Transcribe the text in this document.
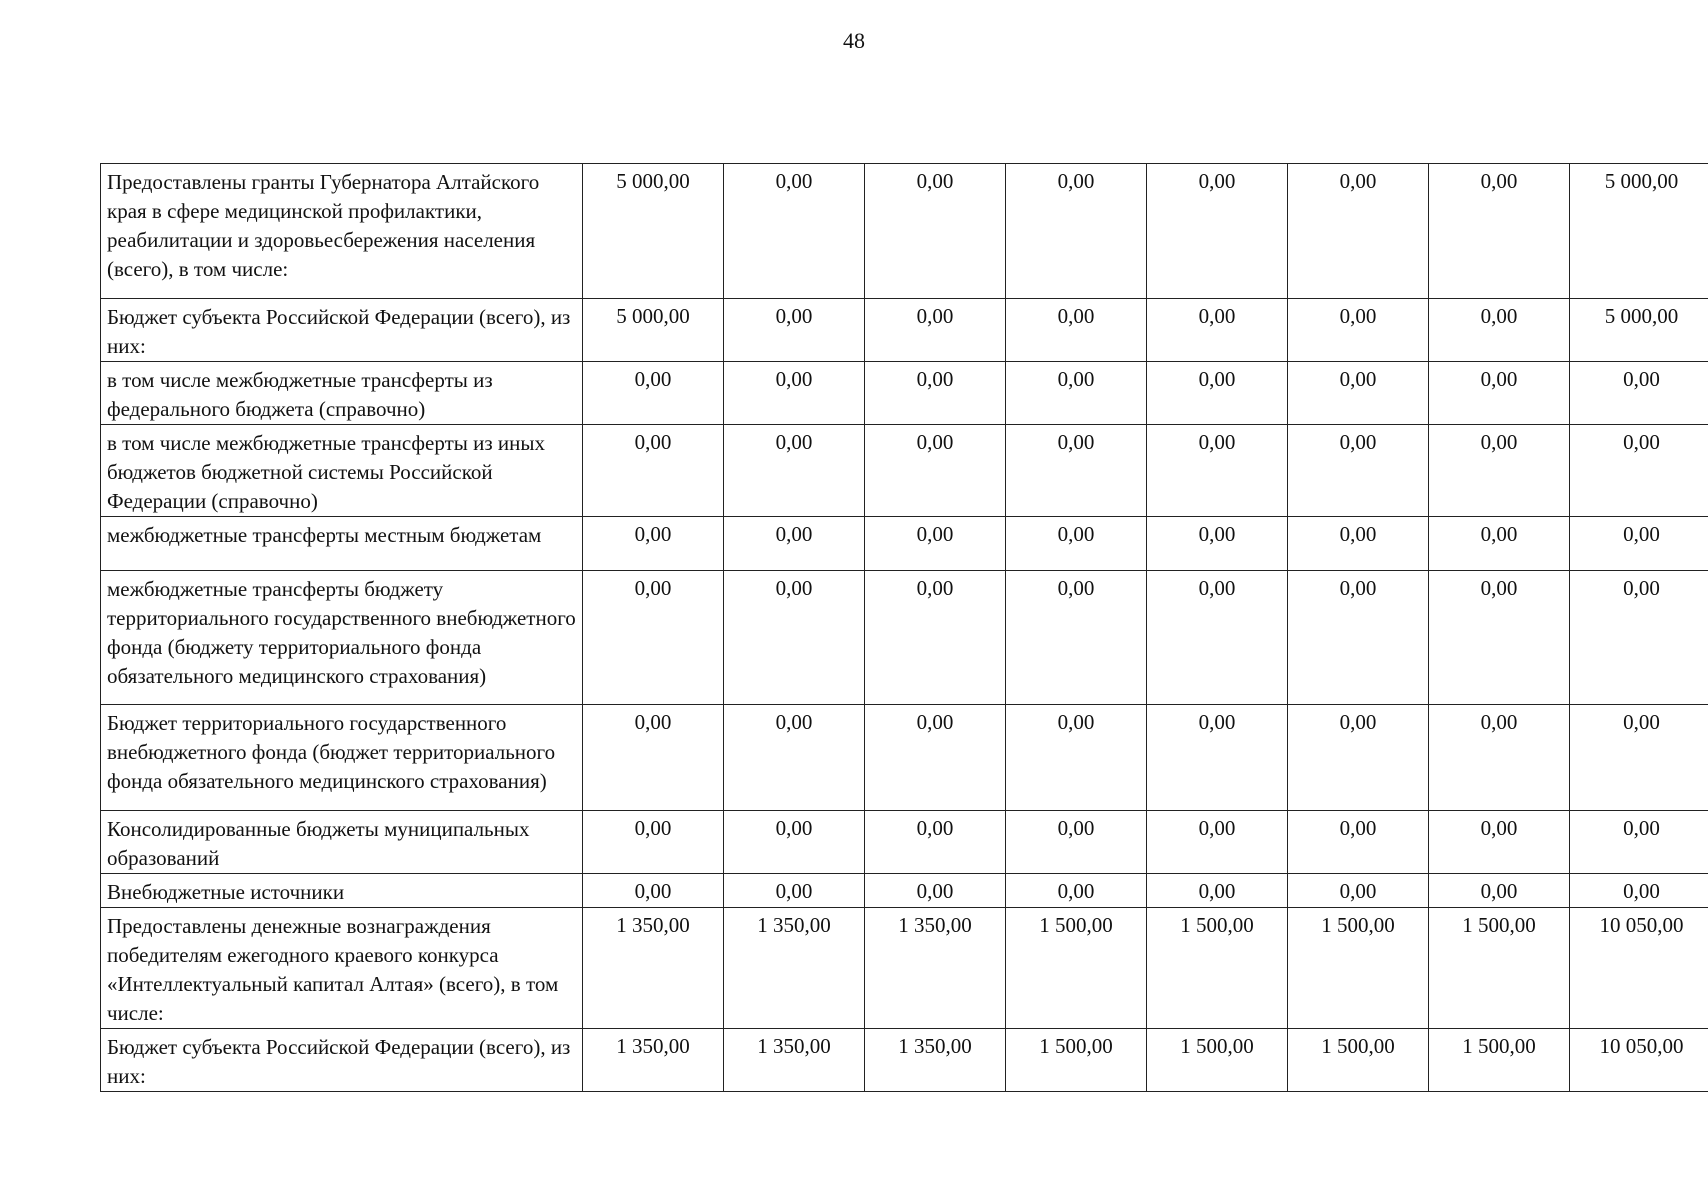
48
Предоставлены гранты Губернатора Алтайского края в сфере медицинской профилактики, реабилитации и здоровьесбережения населения (всего), в том числе:	5 000,00	0,00	0,00	0,00	0,00	0,00	0,00	5 000,00
Бюджет субъекта Российской Федерации (всего), из них:	5 000,00	0,00	0,00	0,00	0,00	0,00	0,00	5 000,00
в том числе межбюджетные трансферты из федерального бюджета (справочно)	0,00	0,00	0,00	0,00	0,00	0,00	0,00	0,00
в том числе межбюджетные трансферты из иных бюджетов бюджетной системы Российской Федерации (справочно)	0,00	0,00	0,00	0,00	0,00	0,00	0,00	0,00
межбюджетные трансферты местным бюджетам	0,00	0,00	0,00	0,00	0,00	0,00	0,00	0,00
межбюджетные трансферты бюджету территориального государственного внебюджетного фонда (бюджету территориального фонда обязательного медицинского страхования)	0,00	0,00	0,00	0,00	0,00	0,00	0,00	0,00
Бюджет территориального государственного внебюджетного фонда (бюджет территориального фонда обязательного медицинского страхования)	0,00	0,00	0,00	0,00	0,00	0,00	0,00	0,00
Консолидированные бюджеты муниципальных образований	0,00	0,00	0,00	0,00	0,00	0,00	0,00	0,00
Внебюджетные источники	0,00	0,00	0,00	0,00	0,00	0,00	0,00	0,00
Предоставлены денежные вознаграждения победителям ежегодного краевого конкурса «Интеллектуальный капитал Алтая» (всего), в том числе:	1 350,00	1 350,00	1 350,00	1 500,00	1 500,00	1 500,00	1 500,00	10 050,00
Бюджет субъекта Российской Федерации (всего), из них:	1 350,00	1 350,00	1 350,00	1 500,00	1 500,00	1 500,00	1 500,00	10 050,00
